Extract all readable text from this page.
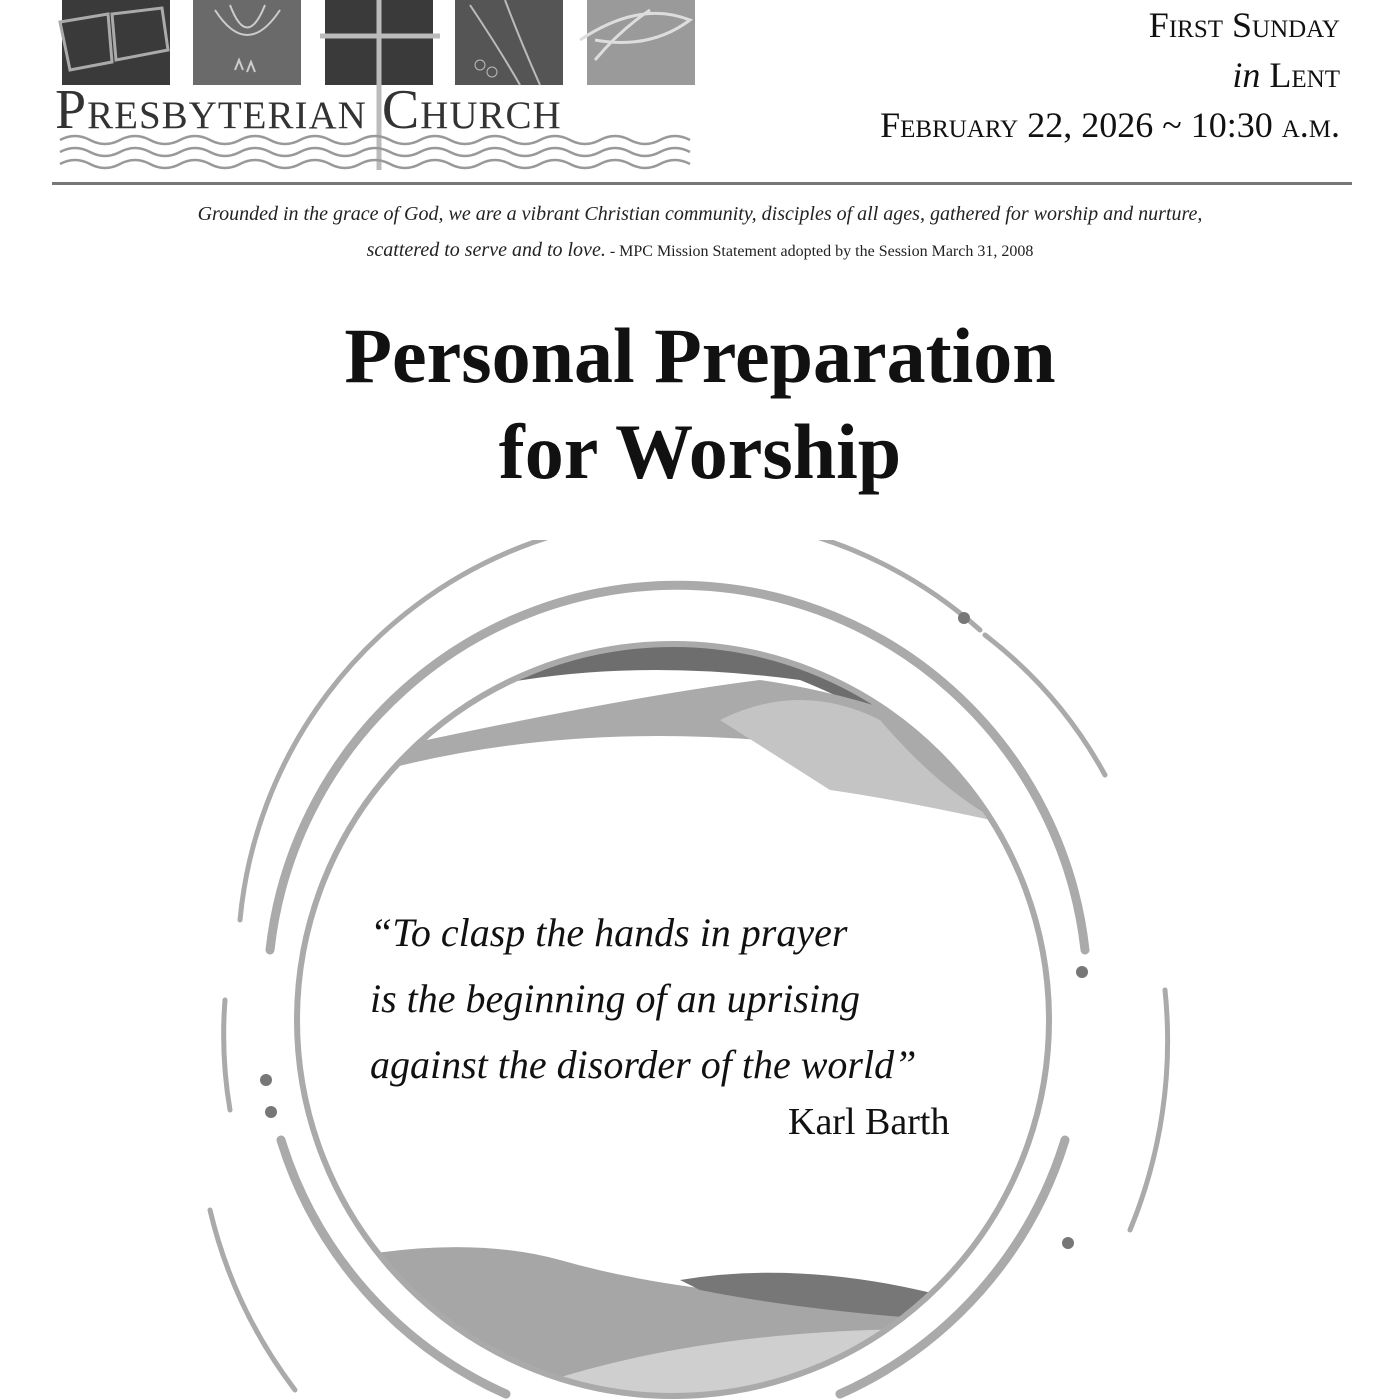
Presbyterian Church
First Sunday
in Lent
February 22, 2026 ~ 10:30 a.m.
Grounded in the grace of God, we are a vibrant Christian community, disciples of all ages, gathered for worship and nurture,
scattered to serve and to love. - MPC Mission Statement adopted by the Session March 31, 2008
Personal Preparation
for Worship
“To clasp the hands in prayer
is the beginning of an uprising
against the disorder of the world”
Karl Barth
